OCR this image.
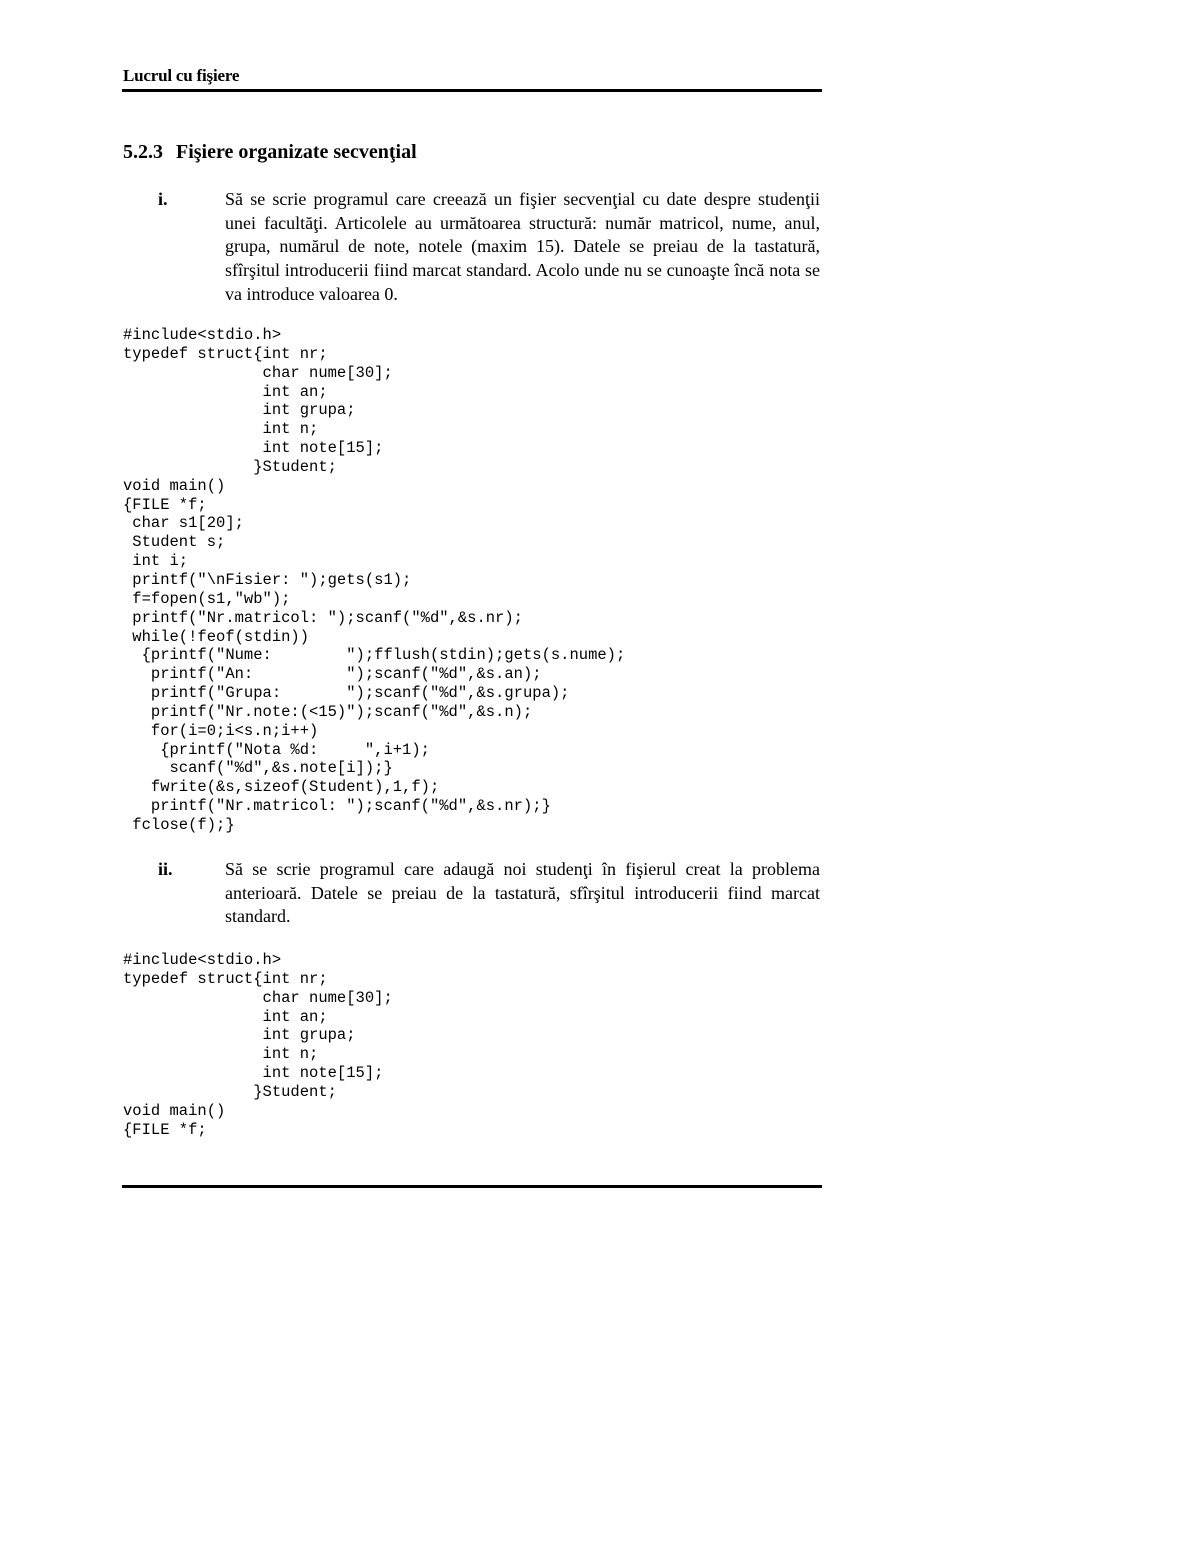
Lucrul cu fişiere
5.2.3 Fişiere organizate secvenţial
i.	Să se scrie programul care creează un fişier secvenţial cu date despre studenţii unei facultăţi. Articolele au următoarea structură: număr matricol, nume, anul, grupa, numărul de note, notele (maxim 15). Datele se preiau de la tastatură, sfîrşitul introducerii fiind marcat standard. Acolo unde nu se cunoaşte încă nota se va introduce valoarea 0.
#include<stdio.h>
typedef struct{int nr;
char nume[30];
int an;
int grupa;
int n;
int note[15];
}Student;
void main()
{FILE *f;
char s1[20];
Student s;
int i;
printf("\nFisier: ");gets(s1);
f=fopen(s1,"wb");
printf("Nr.matricol: ");scanf("%d",&s.nr);
while(!feof(stdin))
{printf("Nume:        ");fflush(stdin);gets(s.nume);
printf("An:          ");scanf("%d",&s.an);
printf("Grupa:       ");scanf("%d",&s.grupa);
printf("Nr.note:(<15)");scanf("%d",&s.n);
for(i=0;i<s.n;i++)
{printf("Nota %d:     ",i+1);
scanf("%d",&s.note[i]);}
fwrite(&s,sizeof(Student),1,f);
printf("Nr.matricol: ");scanf("%d",&s.nr);}
fclose(f);}
ii.	Să se scrie programul care adaugă noi studenţi în fişierul creat la problema anterioară. Datele se preiau de la tastatură, sfîrşitul introducerii fiind marcat standard.
#include<stdio.h>
typedef struct{int nr;
char nume[30];
int an;
int grupa;
int n;
int note[15];
}Student;
void main()
{FILE *f;
